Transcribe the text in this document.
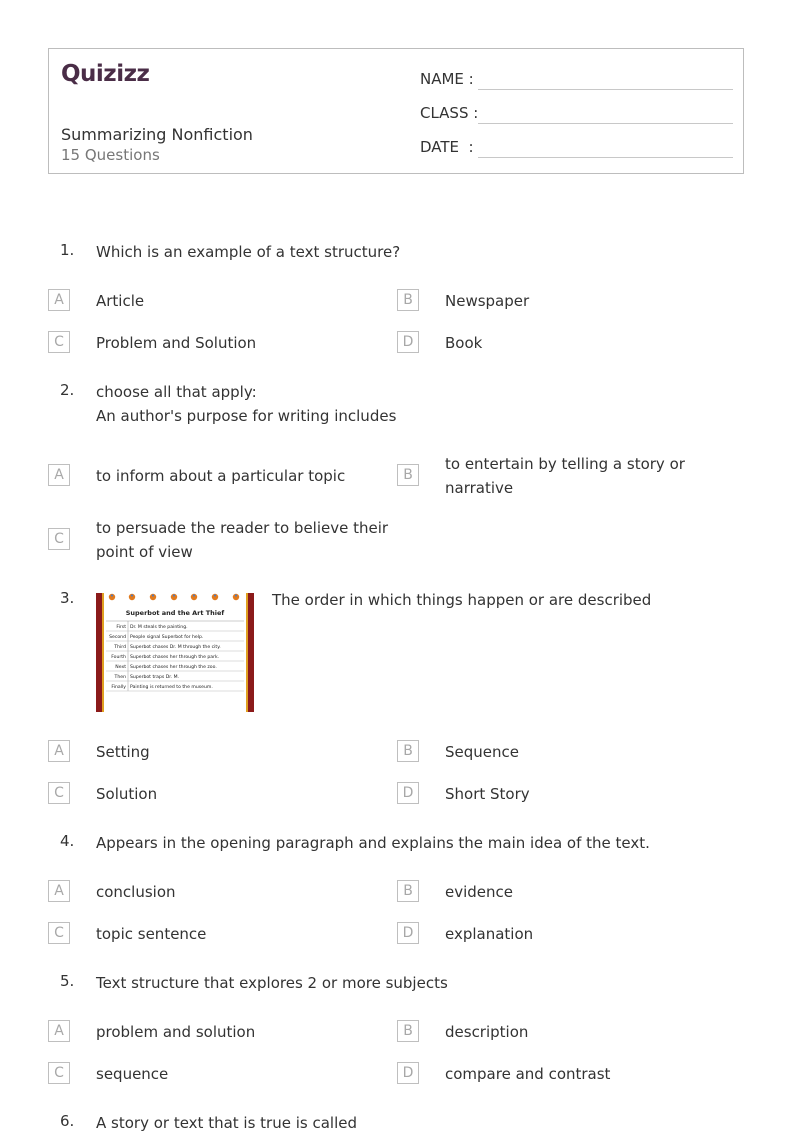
Quizizz
Summarizing Nonfiction
15 Questions
NAME :
CLASS :
DATE  :
1. Which is an example of a text structure?
A	Article	B	Newspaper
C	Problem and Solution	D	Book
2. choose all that apply:
An author's purpose for writing includes
A	to inform about a particular topic	B
to entertain by telling a story or
narrative
C
to persuade the reader to believe their
point of view
3.
Superbot and the Art Thief
First Dr. M steals the painting.
Second People signal Superbot for help.
Third Superbot chases Dr. M through the city.
Fourth Superbot chases her through the park.
Next Superbot chases her through the zoo.
Then Superbot traps Dr. M.
Finally Painting is returned to the museum.
The order in which things happen or are described
A	Setting	B	Sequence
C	Solution	D	Short Story
4. Appears in the opening paragraph and explains the main idea of the text.
A	conclusion	B	evidence
C	topic sentence	D	explanation
5. Text structure that explores 2 or more subjects
A	problem and solution	B	description
C	sequence	D	compare and contrast
6. A story or text that is true is called
